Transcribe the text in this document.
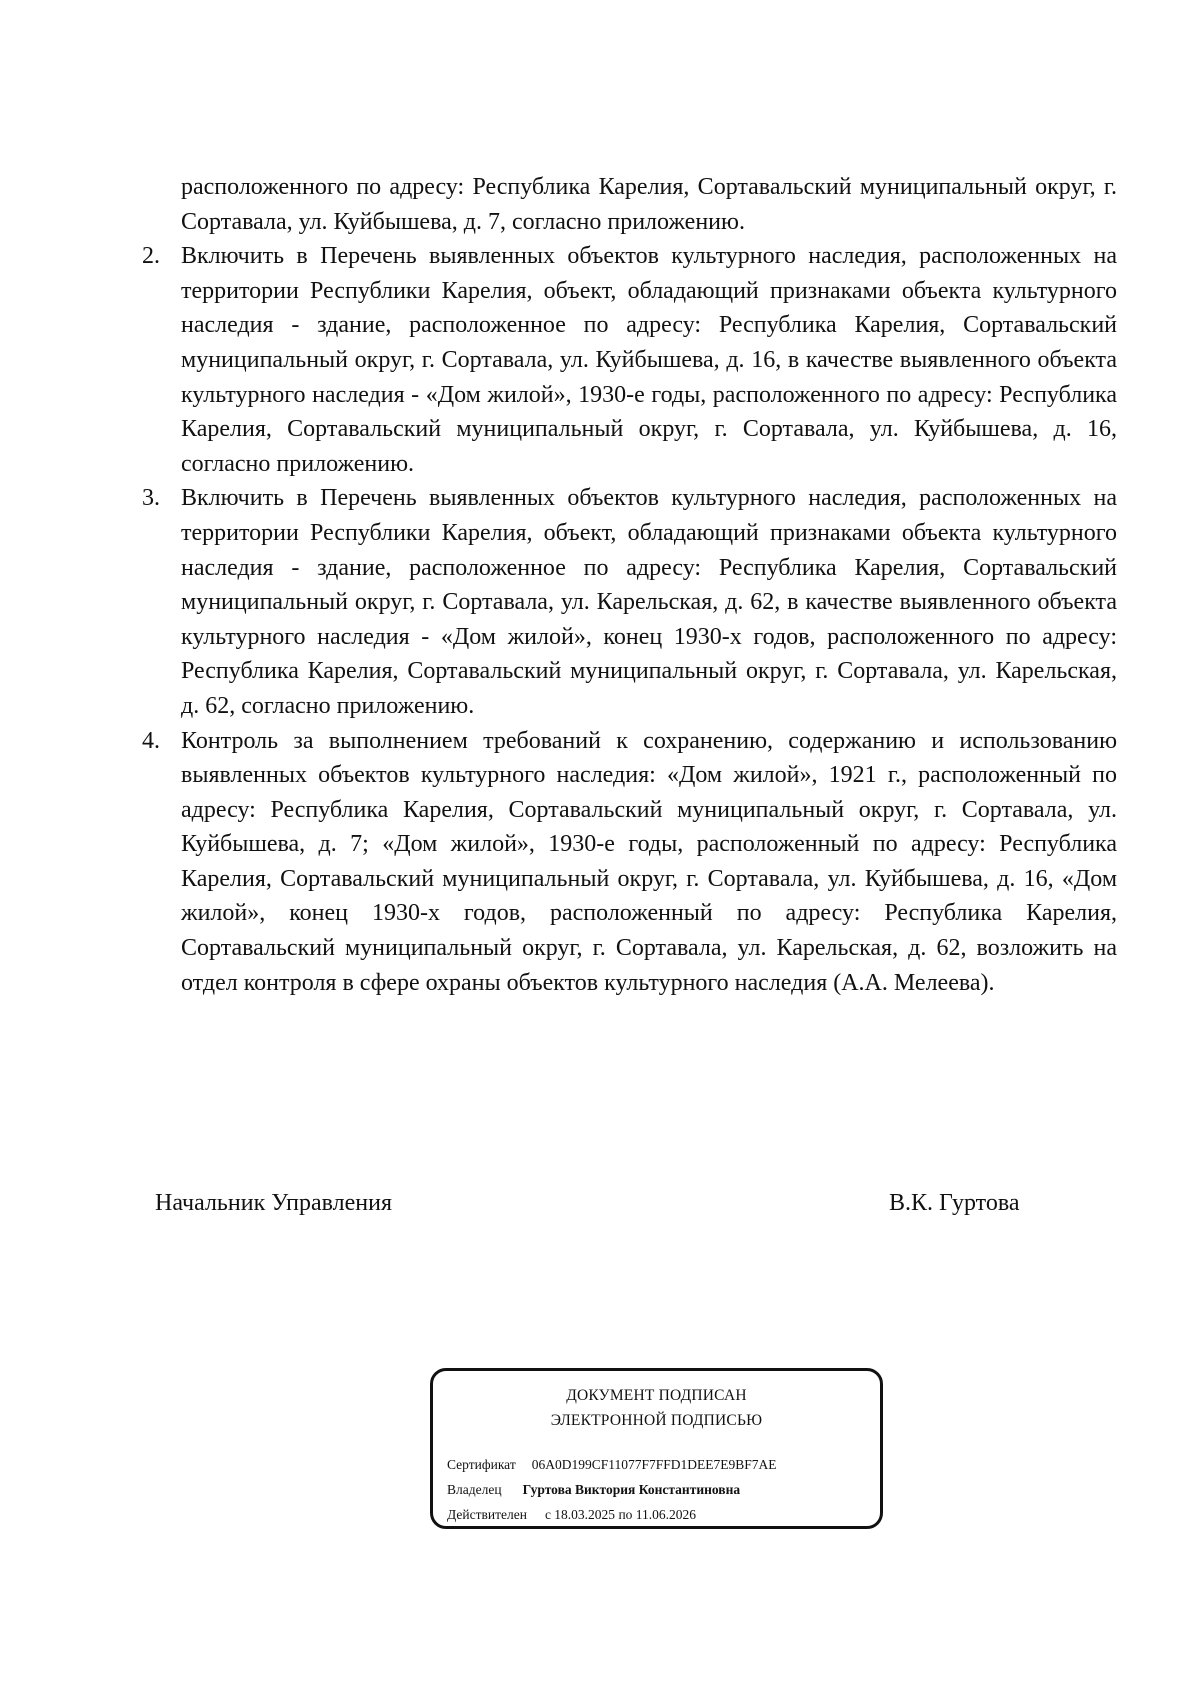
расположенного по адресу: Республика Карелия, Сортавальский муниципальный округ, г. Сортавала, ул. Куйбышева, д. 7, согласно приложению.

2. Включить в Перечень выявленных объектов культурного наследия, расположенных на территории Республики Карелия, объект, обладающий признаками объекта культурного наследия - здание, расположенное по адресу: Республика Карелия, Сортавальский муниципальный округ, г. Сортавала, ул. Куйбышева, д. 16, в качестве выявленного объекта культурного наследия - «Дом жилой», 1930-е годы, расположенного по адресу: Республика Карелия, Сортавальский муниципальный округ, г. Сортавала, ул. Куйбышева, д. 16, согласно приложению.

3. Включить в Перечень выявленных объектов культурного наследия, расположенных на территории Республики Карелия, объект, обладающий признаками объекта культурного наследия - здание, расположенное по адресу: Республика Карелия, Сортавальский муниципальный округ, г. Сортавала, ул. Карельская, д. 62, в качестве выявленного объекта культурного наследия - «Дом жилой», конец 1930-х годов, расположенного по адресу: Республика Карелия, Сортавальский муниципальный округ, г. Сортавала, ул. Карельская, д. 62, согласно приложению.

4. Контроль за выполнением требований к сохранению, содержанию и использованию выявленных объектов культурного наследия: «Дом жилой», 1921 г., расположенный по адресу: Республика Карелия, Сортавальский муниципальный округ, г. Сортавала, ул. Куйбышева, д. 7; «Дом жилой», 1930-е годы, расположенный по адресу: Республика Карелия, Сортавальский муниципальный округ, г. Сортавала, ул. Куйбышева, д. 16, «Дом жилой», конец 1930-х годов, расположенный по адресу: Республика Карелия, Сортавальский муниципальный округ, г. Сортавала, ул. Карельская, д. 62, возложить на отдел контроля в сфере охраны объектов культурного наследия (А.А. Мелеева).

Начальник Управления	В.К. Гуртова
ДОКУМЕНТ ПОДПИСАН
ЭЛЕКТРОННОЙ ПОДПИСЬЮ
Сертификат 06A0D199CF11077F7FFD1DEE7E9BF7AE
Владелец Гуртова Виктория Константиновна
Действителен с 18.03.2025 по 11.06.2026
